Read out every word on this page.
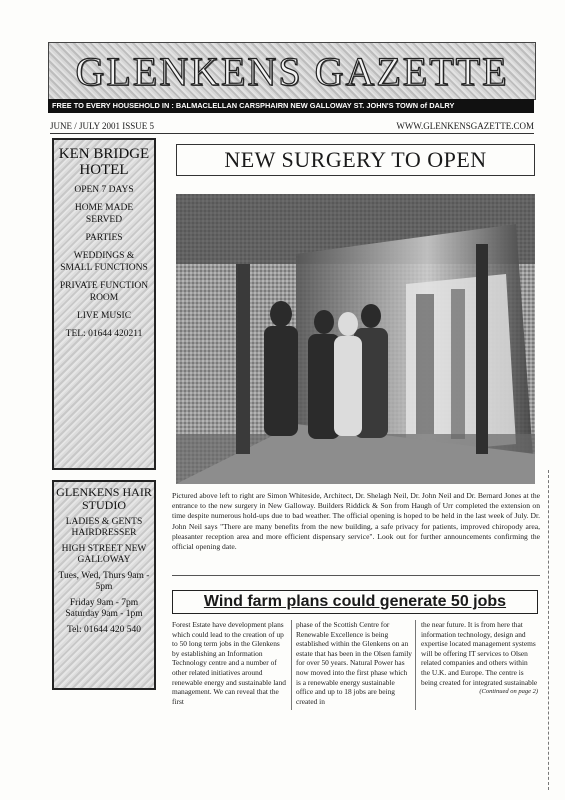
GLENKENS GAZETTE
FREE TO EVERY HOUSEHOLD IN : BALMACLELLAN CARSPHAIRN NEW GALLOWAY ST. JOHN'S TOWN of DALRY
JUNE / JULY 2001 ISSUE 5	WWW.GLENKENSGAZETTE.COM
KEN BRIDGE HOTEL
OPEN 7 DAYS
HOME MADE SERVED
PARTIES
WEDDINGS & SMALL FUNCTIONS
PRIVATE FUNCTION ROOM
LIVE MUSIC
TEL: 01644 420211
GLENKENS HAIR STUDIO
LADIES & GENTS HAIRDRESSER
HIGH STREET NEW GALLOWAY
Tues, Wed, Thurs 9am - 5pm
Friday 9am - 7pm Saturday 9am - 1pm
Tel: 01644 420 540
NEW SURGERY TO OPEN
Pictured above left to right are Simon Whiteside, Architect, Dr. Shelagh Neil, Dr. John Neil and Dr. Bernard Jones at the entrance to the new surgery in New Galloway. Builders Riddick & Son from Haugh of Urr completed the extension on time despite numerous hold-ups due to bad weather. The official opening is hoped to be held in the last week of July. Dr. John Neil says "There are many benefits from the new building, a safe privacy for patients, improved chiropody area, pleasanter reception area and more efficient dispensary service". Look out for further announcements confirming the official opening date.
Wind farm plans could generate 50 jobs
Forest Estate have development plans which could lead to the creation of up to 50 long term jobs in the Glenkens by establishing an Information Technology centre and a number of other related initiatives around renewable energy and sustainable land management. We can reveal that the first
phase of the Scottish Centre for Renewable Excellence is being established within the Glenkens on an estate that has been in the Olsen family for over 50 years. Natural Power has now moved into the first phase which is a renewable energy sustainable office and up to 18 jobs are being created in
the near future. It is from here that information technology, design and expertise located management systems will be offering IT services to Olsen related companies and others within the U.K. and Europe. The centre is being created for integrated sustainable
(Continued on page 2)
